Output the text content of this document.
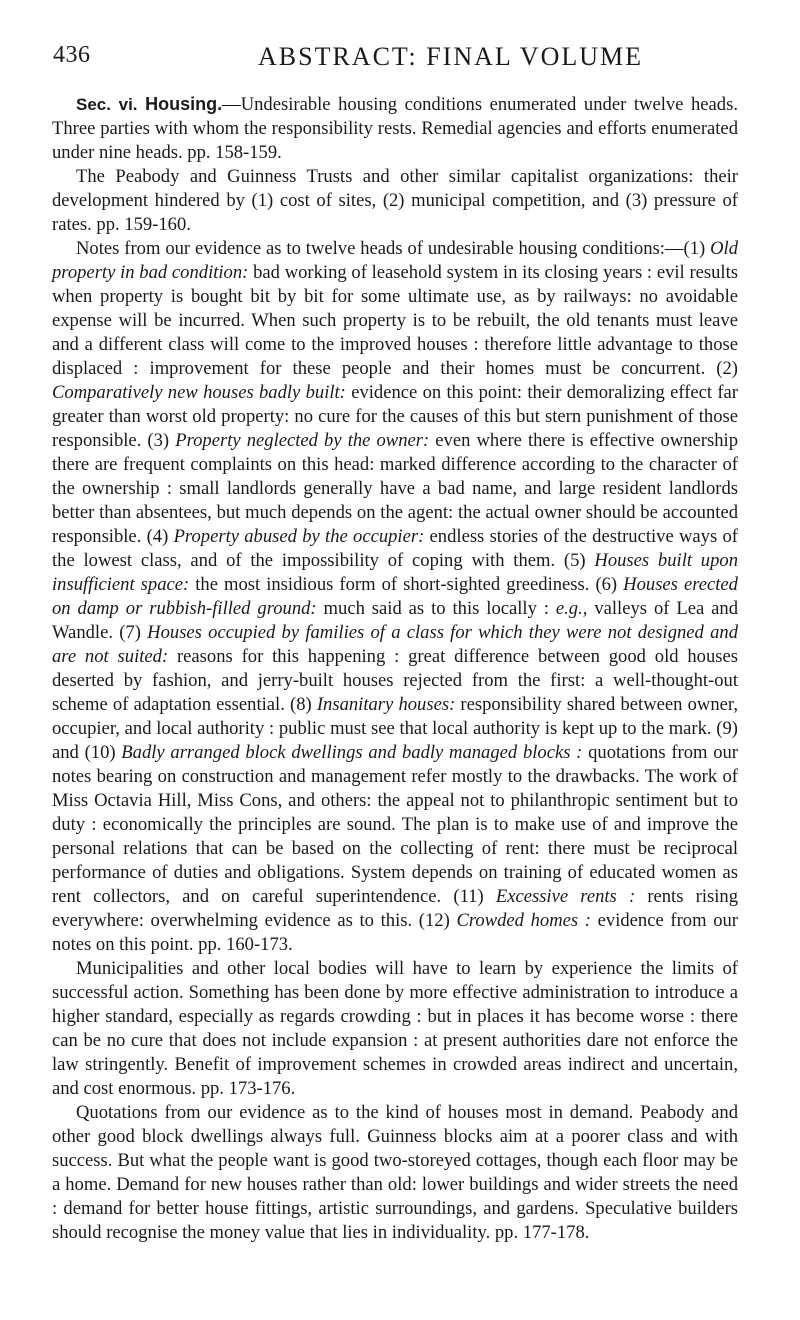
436	ABSTRACT: FINAL VOLUME

Sec. vi. Housing.—Undesirable housing conditions enumerated under twelve heads. Three parties with whom the responsibility rests. Remedial agencies and efforts enumerated under nine heads. pp. 158-159.

The Peabody and Guinness Trusts and other similar capitalist organizations: their development hindered by (1) cost of sites, (2) municipal competition, and (3) pressure of rates. pp. 159-160.

Notes from our evidence as to twelve heads of undesirable housing conditions:—(1) Old property in bad condition: bad working of leasehold system in its closing years : evil results when property is bought bit by bit for some ultimate use, as by railways: no avoidable expense will be incurred. When such property is to be rebuilt, the old tenants must leave and a different class will come to the improved houses : therefore little advantage to those displaced : improvement for these people and their homes must be concurrent. (2) Comparatively new houses badly built: evidence on this point: their demoralizing effect far greater than worst old property: no cure for the causes of this but stern punishment of those responsible. (3) Property neglected by the owner: even where there is effective ownership there are frequent complaints on this head: marked difference according to the character of the ownership : small landlords generally have a bad name, and large resident landlords better than absentees, but much depends on the agent: the actual owner should be accounted responsible. (4) Property abused by the occupier: endless stories of the destructive ways of the lowest class, and of the impossibility of coping with them. (5) Houses built upon insufficient space: the most insidious form of short-sighted greediness. (6) Houses erected on damp or rubbish-filled ground: much said as to this locally : e.g., valleys of Lea and Wandle. (7) Houses occupied by families of a class for which they were not designed and are not suited: reasons for this happening : great difference between good old houses deserted by fashion, and jerry-built houses rejected from the first: a well-thought-out scheme of adaptation essential. (8) Insanitary houses: responsibility shared between owner, occupier, and local authority : public must see that local authority is kept up to the mark. (9) and (10) Badly arranged block dwellings and badly managed blocks : quotations from our notes bearing on construction and management refer mostly to the drawbacks. The work of Miss Octavia Hill, Miss Cons, and others: the appeal not to philanthropic sentiment but to duty : economically the principles are sound. The plan is to make use of and improve the personal relations that can be based on the collecting of rent: there must be reciprocal performance of duties and obligations. System depends on training of educated women as rent collectors, and on careful superintendence. (11) Excessive rents : rents rising everywhere: overwhelming evidence as to this. (12) Crowded homes : evidence from our notes on this point. pp. 160-173.

Municipalities and other local bodies will have to learn by experience the limits of successful action. Something has been done by more effective administration to introduce a higher standard, especially as regards crowding : but in places it has become worse : there can be no cure that does not include expansion : at present authorities dare not enforce the law stringently. Benefit of improvement schemes in crowded areas indirect and uncertain, and cost enormous. pp. 173-176.

Quotations from our evidence as to the kind of houses most in demand. Peabody and other good block dwellings always full. Guinness blocks aim at a poorer class and with success. But what the people want is good two-storeyed cottages, though each floor may be a home. Demand for new houses rather than old: lower buildings and wider streets the need : demand for better house fittings, artistic surroundings, and gardens. Speculative builders should recognise the money value that lies in individuality. pp. 177-178.
